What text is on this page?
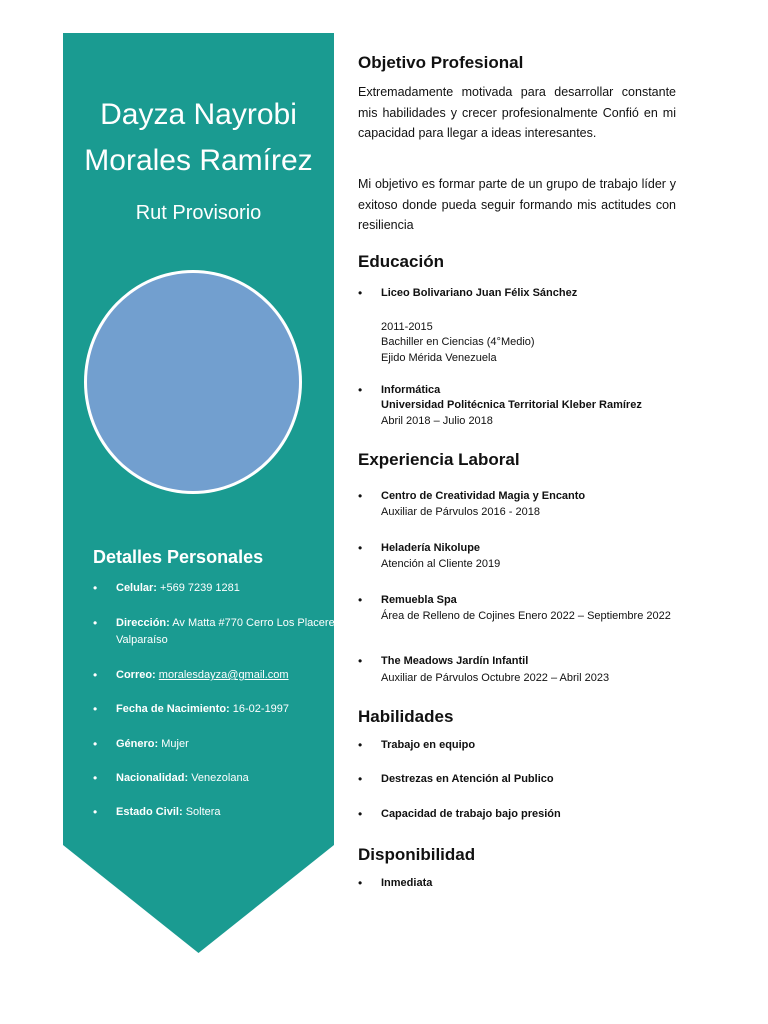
Dayza Nayrobi
Morales Ramírez
Rut Provisorio
Detalles Personales
• Celular: +569 7239 1281
• Dirección: Av Matta #770 Cerro Los Placeres, Valparaíso
• Correo: moralesdayza@gmail.com
• Fecha de Nacimiento: 16-02-1997
• Género: Mujer
• Nacionalidad: Venezolana
• Estado Civil: Soltera
Objetivo Profesional

Extremadamente motivada para desarrollar constante mis habilidades y crecer profesionalmente Confió en mi capacidad para llegar a ideas interesantes.

Mi objetivo es formar parte de un grupo de trabajo líder y exitoso donde pueda seguir formando mis actitudes con resiliencia

Educación
• Liceo Bolivariano Juan Félix Sánchez
2011-2015
Bachiller en Ciencias (4°Medio)
Ejido Mérida Venezuela
• Informática
Universidad Politécnica Territorial Kleber Ramírez
Abril 2018 – Julio 2018
Experiencia Laboral
• Centro de Creatividad Magia y Encanto
Auxiliar de Párvulos 2016 - 2018
• Heladería Nikolupe
Atención al Cliente 2019
• Remuebla Spa
Área de Relleno de Cojines Enero 2022 – Septiembre 2022
• The Meadows Jardín Infantil
Auxiliar de Párvulos Octubre 2022 – Abril 2023
Habilidades
• Trabajo en equipo
• Destrezas en Atención al Publico
• Capacidad de trabajo bajo presión
Disponibilidad
• Inmediata
